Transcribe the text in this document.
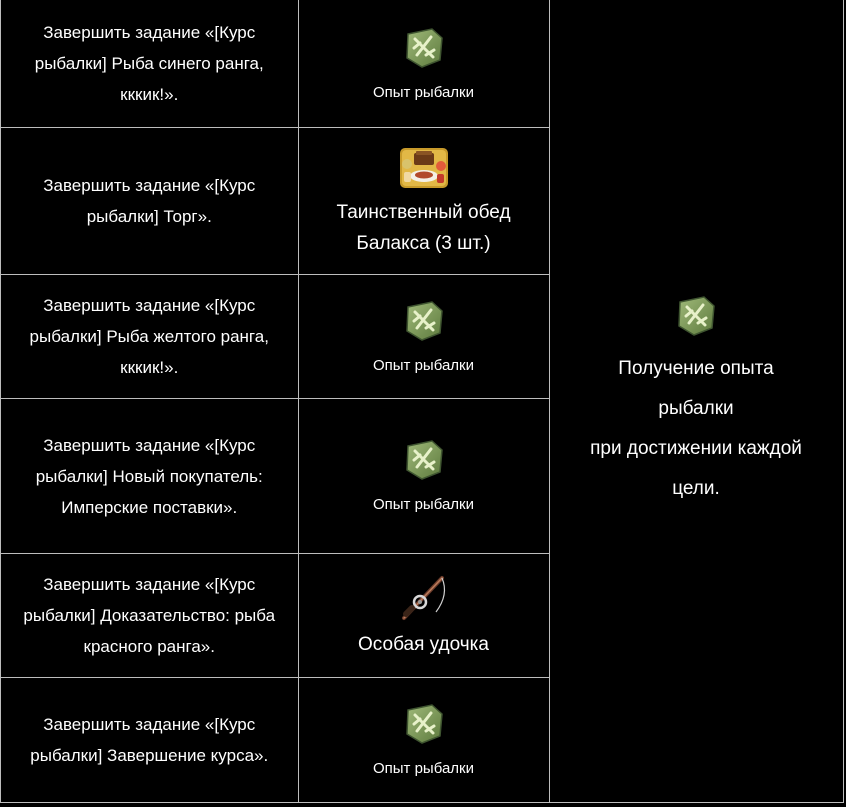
Завершить задание «[Курс рыбалки] Рыба синего ранга, кккик!».	Опыт рыбалки	Получение опыта
рыбалки
при достижении каждой
цели.

Завершить задание «[Курс рыбалки] Торг».	Таинственный обед Балакса (3 шт.)	

Завершить задание «[Курс рыбалки] Рыба желтого ранга, кккик!».	Опыт рыбалки	

Завершить задание «[Курс рыбалки] Новый покупатель: Имперские поставки».	Опыт рыбалки	

Завершить задание «[Курс рыбалки] Доказательство: рыба красного ранга».	Особая удочка	

Завершить задание «[Курс рыбалки] Завершение курса».	Опыт рыбалки	
